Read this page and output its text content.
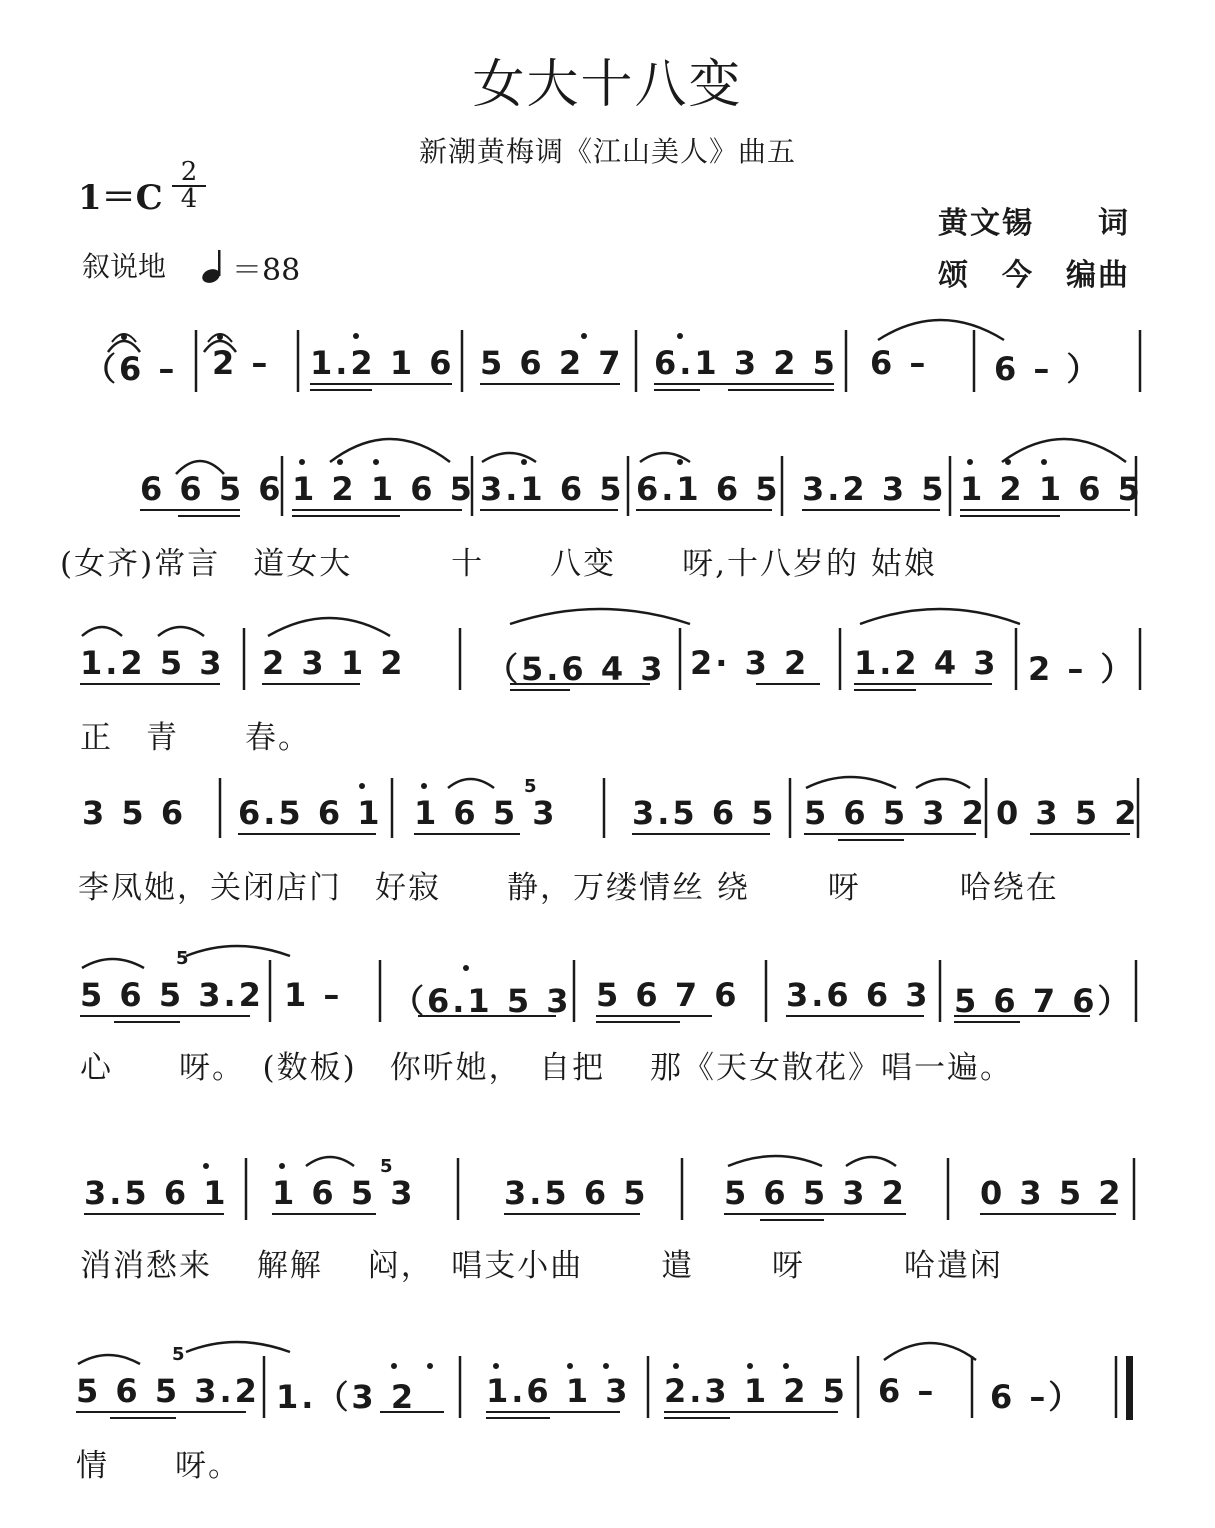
女大十八变
新潮黄梅调《江山美人》曲五
1＝C
2
4
叙说地 ＝88
黄文锡　　词
颂　今　编曲
（6 – 2 – 1.2 1 6 5 6 2 7 6.1 3 2 5 6 – 6 – ）
6 6 5 6 1 2 1 6 5 3.1 6 5 6.1 6 5 3.2 3 5 1 2 1 6 5
(女齐)常言　道女大　　　十　　八变　　呀,十八岁的 姑娘
1.2 5 3 2 3 1 2	（5.6 4 3 2· 3 2 1.2 4 3 2 – ）
正　青　　春。
3 5 6 6.5 6 1 1 6 5 3 3.5 6 5 5 6 5 3 2 0 3 5 2
5
李凤她，关闭店门　好寂　　静，万缕情丝 绕　　 呀　　　哈绕在
5 6 5 3.2 1 – （6.1 5 3 5 6 7 6 3.6 6 3 5 6 7 6）
5
心　　呀。　(数板)　你听她，　自把　 那《天女散花》唱一遍。
3.5 6 1 1 6 5 3	3.5 6 5 5 6 5 3 2 0 3 5 2
5
消消愁来　 解解　 闷，　唱支小曲　　 遣　　 呀　　　哈遣闲
5 6 5 3.2 1.（3 2 1.6 1 3 2.3 1 2 5 6 – 6 –）
5
情　　呀。
